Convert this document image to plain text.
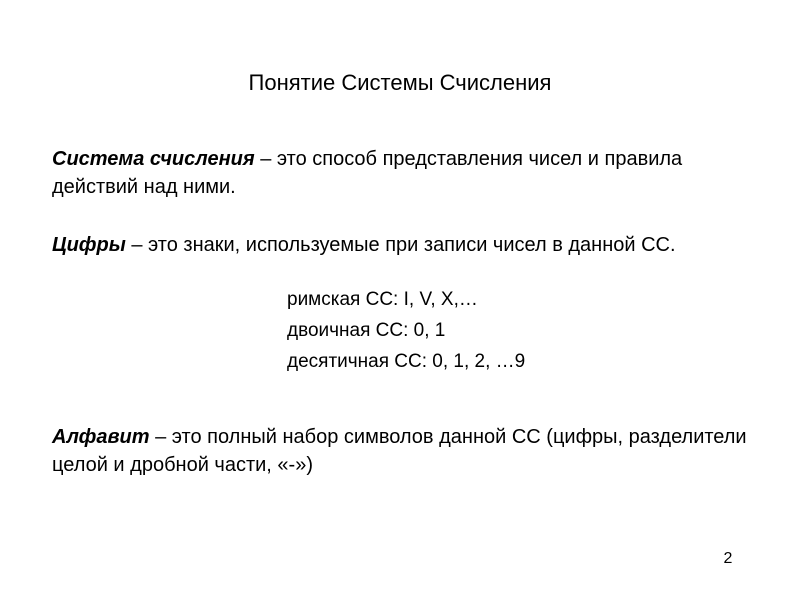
Понятие Системы Счисления
Система счисления – это способ представления чисел и правила действий над ними.
Цифры – это знаки, используемые при записи чисел в данной СС.
римская СС: I, V, X,…
двоичная СС: 0, 1
десятичная СС: 0, 1, 2, …9
Алфавит – это полный набор символов данной СС (цифры, разделители целой и дробной части, «-»)
2
